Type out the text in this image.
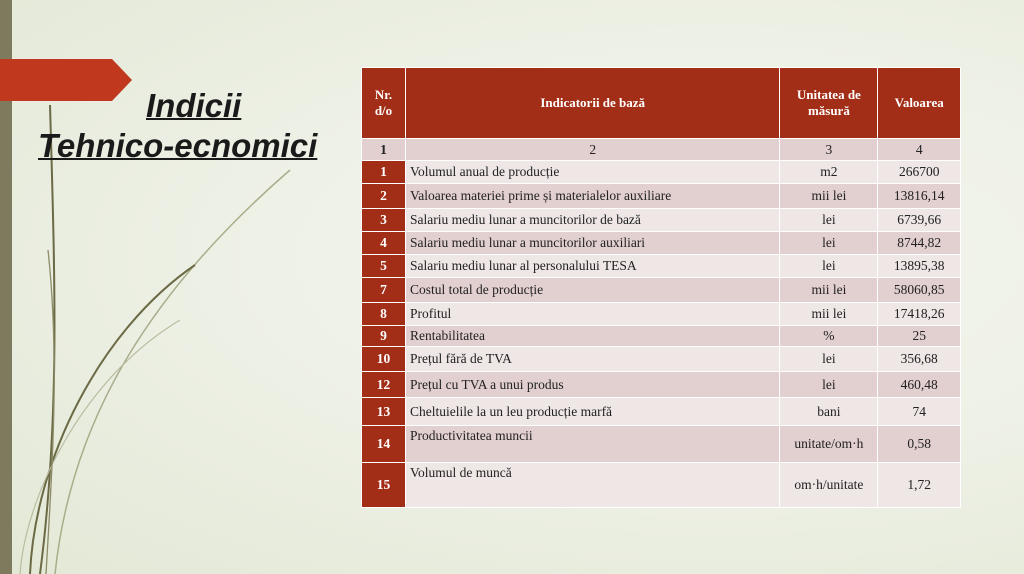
Indicii
Tehnico-ecnomici
Nr. d/o	Indicatorii de bază	Unitatea de măsură	Valoarea
1	2	3	4
1	Volumul anual de producție	m2	266700
2	Valoarea materiei prime și materialelor auxiliare	mii lei	13816,14
3	Salariu mediu lunar a muncitorilor de bază	lei	6739,66
4	Salariu mediu lunar a muncitorilor auxiliari	lei	8744,82
5	Salariu mediu lunar al personalului TESA	lei	13895,38
7	Costul total de producție	mii lei	58060,85
8	Profitul	mii lei	17418,26
9	Rentabilitatea	%	25
10	Prețul fără de TVA	lei	356,68
12	Prețul cu TVA a unui produs	lei	460,48
13	Cheltuielile la un leu producție marfă	bani	74
14	Productivitatea muncii	unitate/om·h	0,58
15	Volumul de muncă	om·h/unitate	1,72
